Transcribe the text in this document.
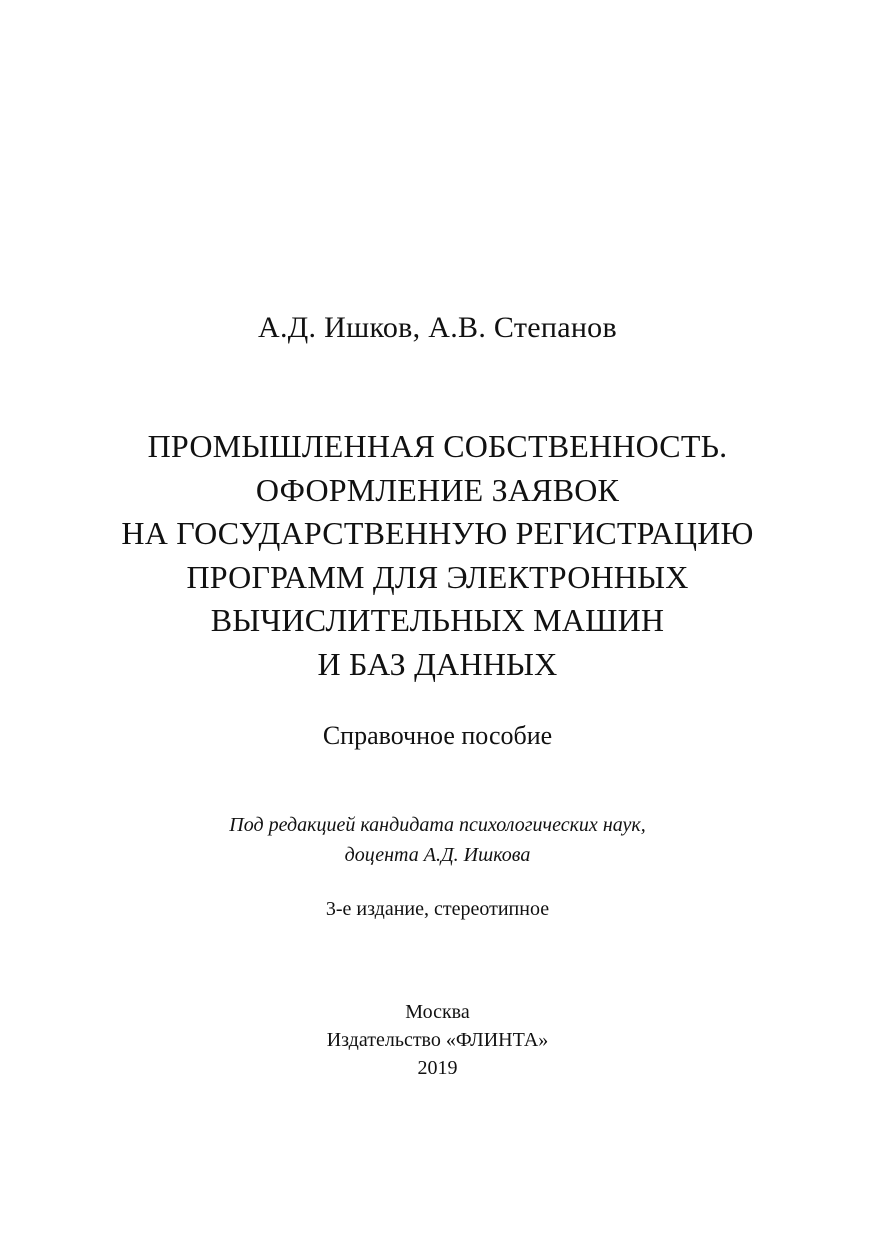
А.Д. Ишков, А.В. Степанов
ПРОМЫШЛЕННАЯ СОБСТВЕННОСТЬ.
ОФОРМЛЕНИЕ ЗАЯВОК
НА ГОСУДАРСТВЕННУЮ РЕГИСТРАЦИЮ
ПРОГРАММ ДЛЯ ЭЛЕКТРОННЫХ
ВЫЧИСЛИТЕЛЬНЫХ МАШИН
И БАЗ ДАННЫХ
Справочное пособие
Под редакцией кандидата психологических наук,
доцента А.Д. Ишкова
3-е издание, стереотипное
Москва
Издательство «ФЛИНТА»
2019
